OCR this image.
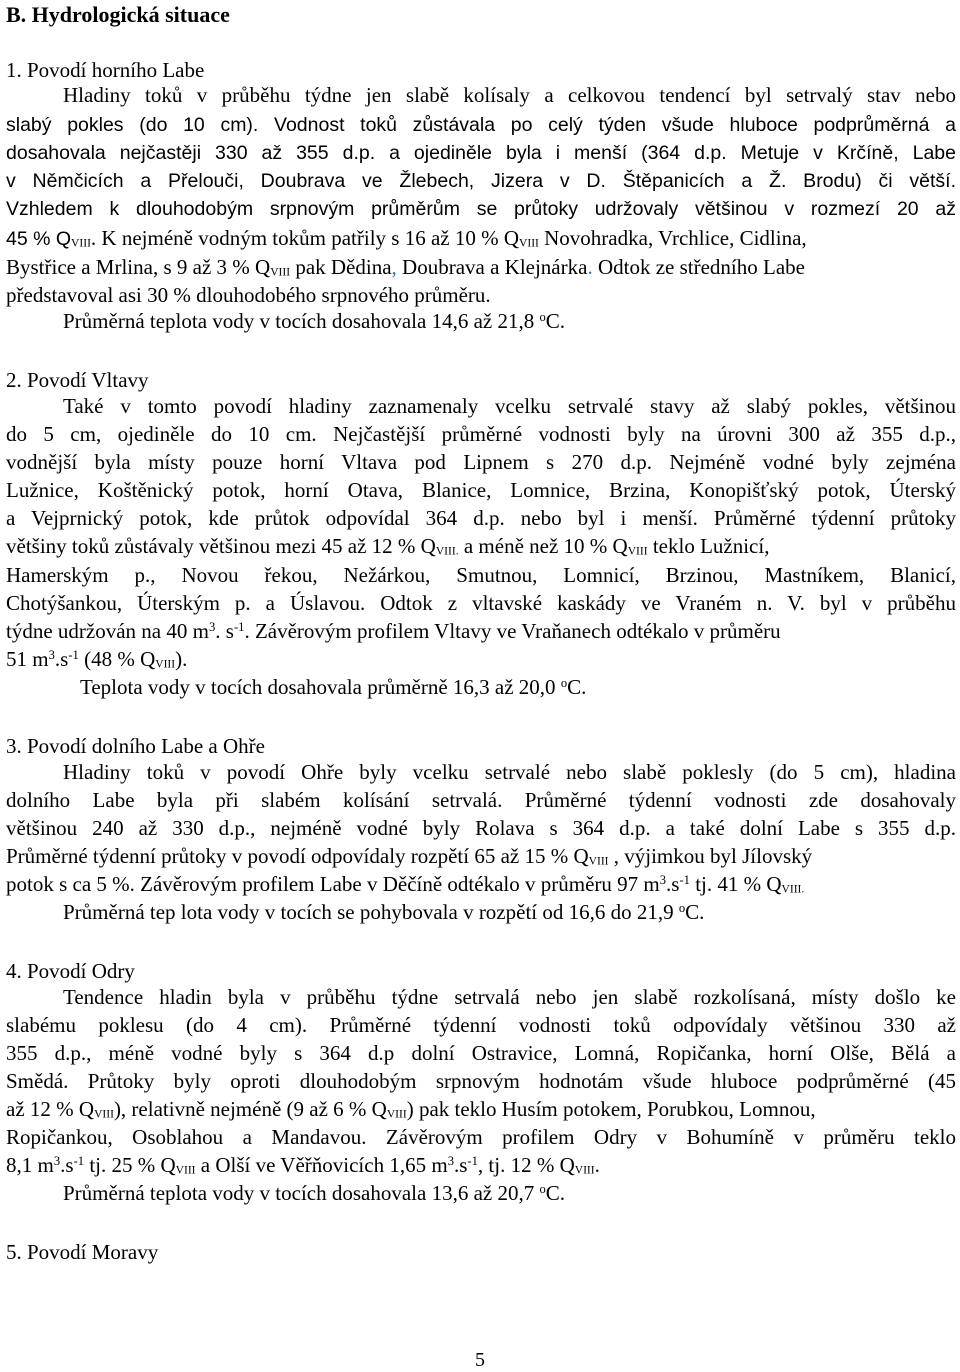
B. Hydrologická situace
1. Povodí horního Labe
Hladiny toků v průběhu týdne jen slabě kolísaly a celkovou tendencí byl setrvalý stav nebo
slabý pokles (do 10 cm). Vodnost toků zůstávala po celý týden všude hluboce podprůměrná a
dosahovala nejčastěji 330 až 355 d.p. a ojediněle byla i menší (364 d.p. Metuje v Krčíně, Labe
v Němčicích a Přelouči, Doubrava ve Žlebech, Jizera v D. Štěpanicích a Ž. Brodu) či větší.
Vzhledem k dlouhodobým srpnovým průměrům se průtoky udržovaly většinou v rozmezí 20 až
45 % $Q_{VIII}$. K nejméně vodným tokům patřily s 16 až 10 % $Q_{VIII}$ Novohradka, Vrchlice, Cidlina,
Bystřice a Mrlina, s 9 až 3 % $Q_{VIII}$ pak Dědina, Doubrava a Klejnárka. Odtok ze středního Labe
představoval asi 30 % dlouhodobého srpnového průměru.
Průměrná teplota vody v tocích dosahovala 14,6 až 21,8 $^o$C.
2. Povodí Vltavy
Také v tomto povodí hladiny zaznamenaly vcelku setrvalé stavy až slabý pokles, většinou
do 5 cm, ojediněle do 10 cm. Nejčastější průměrné vodnosti byly na úrovni 300 až 355 d.p.,
vodnější byla místy pouze horní Vltava pod Lipnem s 270 d.p. Nejméně vodné byly zejména
Lužnice, Koštěnický potok, horní Otava, Blanice, Lomnice, Brzina, Konopišťský potok, Úterský
a Vejprnický potok, kde průtok odpovídal 364 d.p. nebo byl i menší. Průměrné týdenní průtoky
většiny toků zůstávaly většinou mezi 45 až 12 % $Q_{VIII.}$ a méně než 10 % $Q_{VIII}$ teklo Lužnicí,
Hamerským p., Novou řekou, Nežárkou, Smutnou, Lomnicí, Brzinou, Mastníkem, Blanicí,
Chotýšankou, Úterským p. a Úslavou. Odtok z vltavské kaskády ve Vraném n. V. byl v průběhu
týdne udržován na 40 $m^3$. $s^{-1}$. Závěrovým profilem Vltavy ve Vraňanech odtékalo v průměru
51 $m^3.s^{-1}$ (48 % $Q_{VIII}$).
Teplota vody v tocích dosahovala průměrně 16,3 až 20,0 $^o$C.
3. Povodí dolního Labe a Ohře
Hladiny toků v povodí Ohře byly vcelku setrvalé nebo slabě poklesly (do 5 cm), hladina
dolního Labe byla při slabém kolísání setrvalá. Průměrné týdenní vodnosti zde dosahovaly
většinou 240 až 330 d.p., nejméně vodné byly Rolava s 364 d.p. a také dolní Labe s 355 d.p.
Průměrné týdenní průtoky v povodí odpovídaly rozpětí 65 až 15 % $Q_{VIII}$ , výjimkou byl Jílovský
potok s ca 5 %. Závěrovým profilem Labe v Děčíně odtékalo v průměru 97 $m^3.s^{-1}$ tj. 41 % $Q_{VIII.}$
Průměrná tep lota vody v tocích se pohybovala v rozpětí od 16,6 do 21,9 $^o$C.
4. Povodí Odry
Tendence hladin byla v průběhu týdne setrvalá nebo jen slabě rozkolísaná, místy došlo ke
slabému poklesu (do 4 cm). Průměrné týdenní vodnosti toků odpovídaly většinou 330 až
355 d.p., méně vodné byly s 364 d.p dolní Ostravice, Lomná, Ropičanka, horní Olše, Bělá a
Smědá. Průtoky byly oproti dlouhodobým srpnovým hodnotám všude hluboce podprůměrné (45
až 12 % $Q_{VIII}$), relativně nejméně (9 až 6 % $Q_{VIII}$) pak teklo Husím potokem, Porubkou, Lomnou,
Ropičankou, Osoblahou a Mandavou. Závěrovým profilem Odry v Bohumíně v průměru teklo
8,1 $m^3.s^{-1}$ tj. 25 % $Q_{VIII}$ a Olší ve Věřňovicích 1,65 $m^3.s^{-1}$, tj. 12 % $Q_{VIII}$.
Průměrná teplota vody v tocích dosahovala 13,6 až 20,7 $^o$C.
5. Povodí Moravy
5
